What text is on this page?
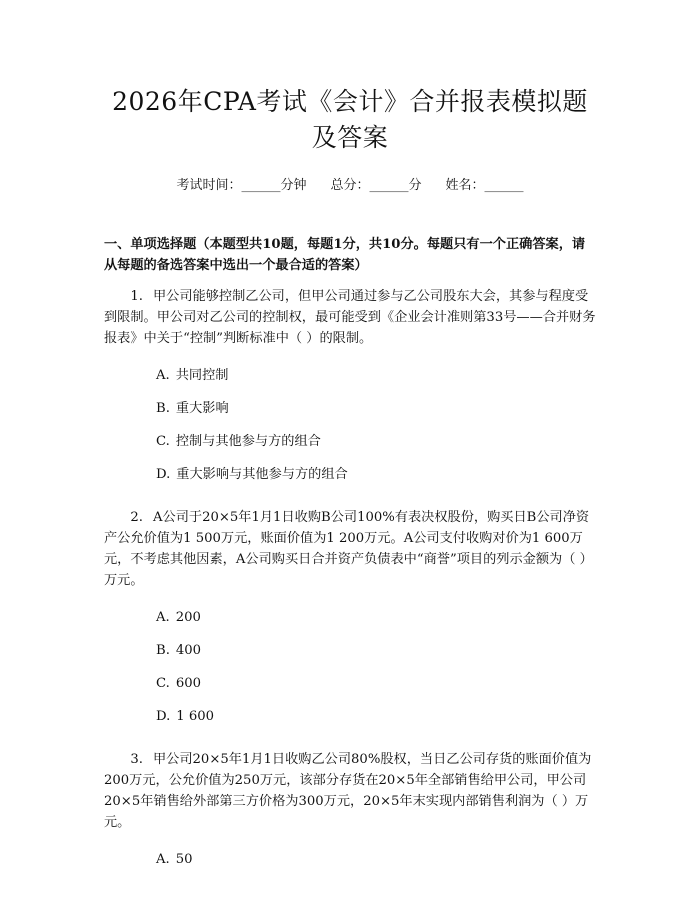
2026年CPA考试《会计》合并报表模拟题及答案
考试时间：______分钟 总分：______分 姓名：______
一、单项选择题（本题型共10题，每题1分，共10分。每题只有一个正确答案，请从每题的备选答案中选出一个最合适的答案）
1. 甲公司能够控制乙公司，但甲公司通过参与乙公司股东大会，其参与程度受到限制。甲公司对乙公司的控制权，最可能受到《企业会计准则第33号——合并财务报表》中关于“控制”判断标准中（ ）的限制。
A. 共同控制
B. 重大影响
C. 控制与其他参与方的组合
D. 重大影响与其他参与方的组合
2. A公司于20×5年1月1日收购B公司100%有表决权股份，购买日B公司净资产公允价值为1 500万元，账面价值为1 200万元。A公司支付收购对价为1 600万元，不考虑其他因素，A公司购买日合并资产负债表中“商誉”项目的列示金额为（ ）万元。
A. 200
B. 400
C. 600
D. 1 600
3. 甲公司20×5年1月1日收购乙公司80%股权，当日乙公司存货的账面价值为200万元，公允价值为250万元，该部分存货在20×5年全部销售给甲公司，甲公司20×5年销售给外部第三方价格为300万元，20×5年末实现内部销售利润为（ ）万元。
A. 50
